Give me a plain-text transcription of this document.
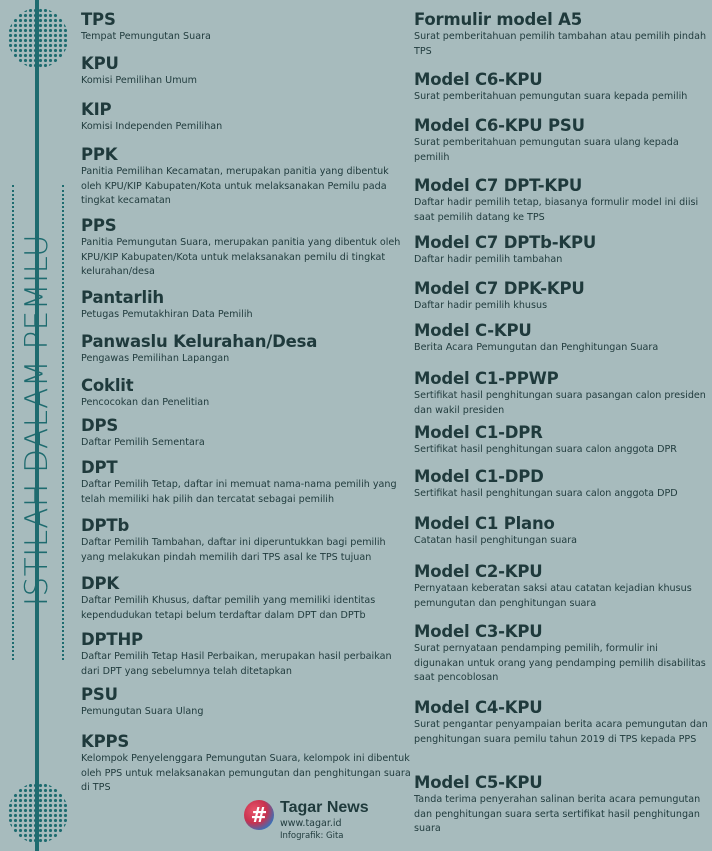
ISTILAH DALAM PEMILU
TPS

Tempat Pemungutan Suara

KPU

Komisi Pemilihan Umum

KIP

Komisi Independen Pemilihan

PPK

Panitia Pemilihan Kecamatan, merupakan panitia yang dibentuk oleh KPU/KIP Kabupaten/Kota untuk melaksanakan Pemilu pada tingkat kecamatan

PPS

Panitia Pemungutan Suara, merupakan panitia yang dibentuk oleh KPU/KIP Kabupaten/Kota untuk melaksanakan pemilu di tingkat kelurahan/desa

Pantarlih

Petugas Pemutakhiran Data Pemilih

Panwaslu Kelurahan/Desa

Pengawas Pemilihan Lapangan

Coklit

Pencocokan dan Penelitian

DPS

Daftar Pemilih Sementara

DPT

Daftar Pemilih Tetap, daftar ini memuat nama-nama pemilih yang telah memiliki hak pilih dan tercatat sebagai pemilih

DPTb

Daftar Pemilih Tambahan, daftar ini diperuntukkan bagi pemilih yang melakukan pindah memilih dari TPS asal ke TPS tujuan

DPK

Daftar Pemilih Khusus, daftar pemilih yang memiliki identitas kependudukan tetapi belum terdaftar dalam DPT dan DPTb

DPTHP

Daftar Pemilih Tetap Hasil Perbaikan, merupakan hasil perbaikan dari DPT yang sebelumnya telah ditetapkan

PSU

Pemungutan Suara Ulang

KPPS

Kelompok Penyelenggara Pemungutan Suara, kelompok ini dibentuk oleh PPS untuk melaksanakan pemungutan dan penghitungan suara di TPS

Formulir model A5

Surat pemberitahuan pemilih tambahan atau pemilih pindah TPS

Model C6-KPU

Surat pemberitahuan pemungutan suara kepada pemilih

Model C6-KPU PSU

Surat pemberitahuan pemungutan suara ulang kepada pemilih

Model C7 DPT-KPU

Daftar hadir pemilih tetap, biasanya formulir model ini diisi saat pemilih datang ke TPS

Model C7 DPTb-KPU

Daftar hadir pemilih tambahan

Model C7 DPK-KPU

Daftar hadir pemilih khusus

Model C-KPU

Berita Acara Pemungutan dan Penghitungan Suara

Model C1-PPWP

Sertifikat hasil penghitungan suara pasangan calon presiden dan wakil presiden

Model C1-DPR

Sertifikat hasil penghitungan suara calon anggota DPR

Model C1-DPD

Sertifikat hasil penghitungan suara calon anggota DPD

Model C1 Plano

Catatan hasil penghitungan suara

Model C2-KPU

Pernyataan keberatan saksi atau catatan kejadian khusus pemungutan dan penghitungan suara

Model C3-KPU

Surat pernyataan pendamping pemilih, formulir ini digunakan untuk orang yang pendamping pemilih disabilitas saat pencoblosan

Model C4-KPU

Surat pengantar penyampaian berita acara pemungutan dan penghitungan suara pemilu tahun 2019 di TPS kepada PPS

Model C5-KPU

Tanda terima penyerahan salinan berita acara pemungutan dan penghitungan suara serta sertifikat hasil penghitungan suara

# Tagar News
www.tagar.id
Infografik: Gita
